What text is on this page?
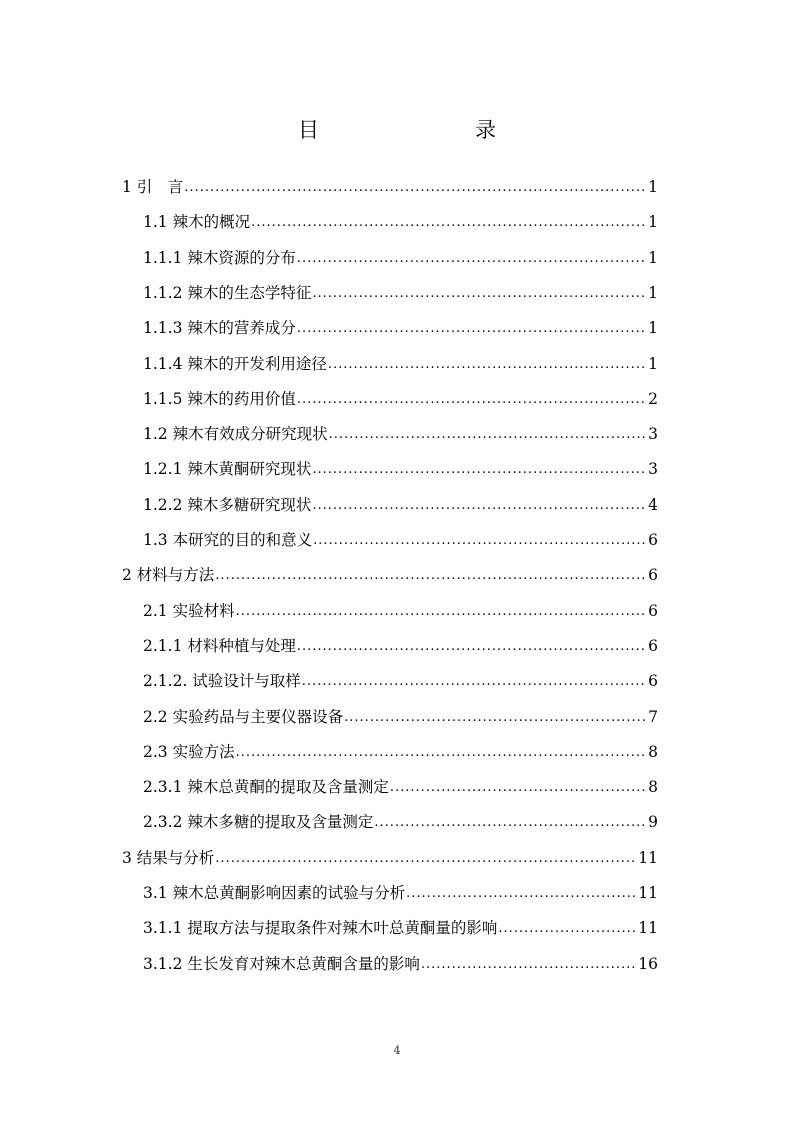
目　　录
1 引　言 .....	1
1.1 辣木的概况 .....	1
1.1.1 辣木资源的分布 .....	1
1.1.2 辣木的生态学特征 .....	1
1.1.3 辣木的营养成分 .....	1
1.1.4 辣木的开发利用途径 .....	1
1.1.5 辣木的药用价值 .....	2
1.2 辣木有效成分研究现状 .....	3
1.2.1 辣木黄酮研究现状 .....	3
1.2.2 辣木多糖研究现状 .....	4
1.3 本研究的目的和意义 .....	6
2 材料与方法 .....	6
2.1 实验材料 .....	6
2.1.1 材料种植与处理 .....	6
2.1.2. 试验设计与取样 .....	6
2.2 实验药品与主要仪器设备 .....	7
2.3 实验方法 .....	8
2.3.1 辣木总黄酮的提取及含量测定 .....	8
2.3.2 辣木多糖的提取及含量测定 .....	9
3 结果与分析 .....	11
3.1 辣木总黄酮影响因素的试验与分析 .....	11
3.1.1 提取方法与提取条件对辣木叶总黄酮量的影响 .....	11
3.1.2 生长发育对辣木总黄酮含量的影响 .....	16
4
